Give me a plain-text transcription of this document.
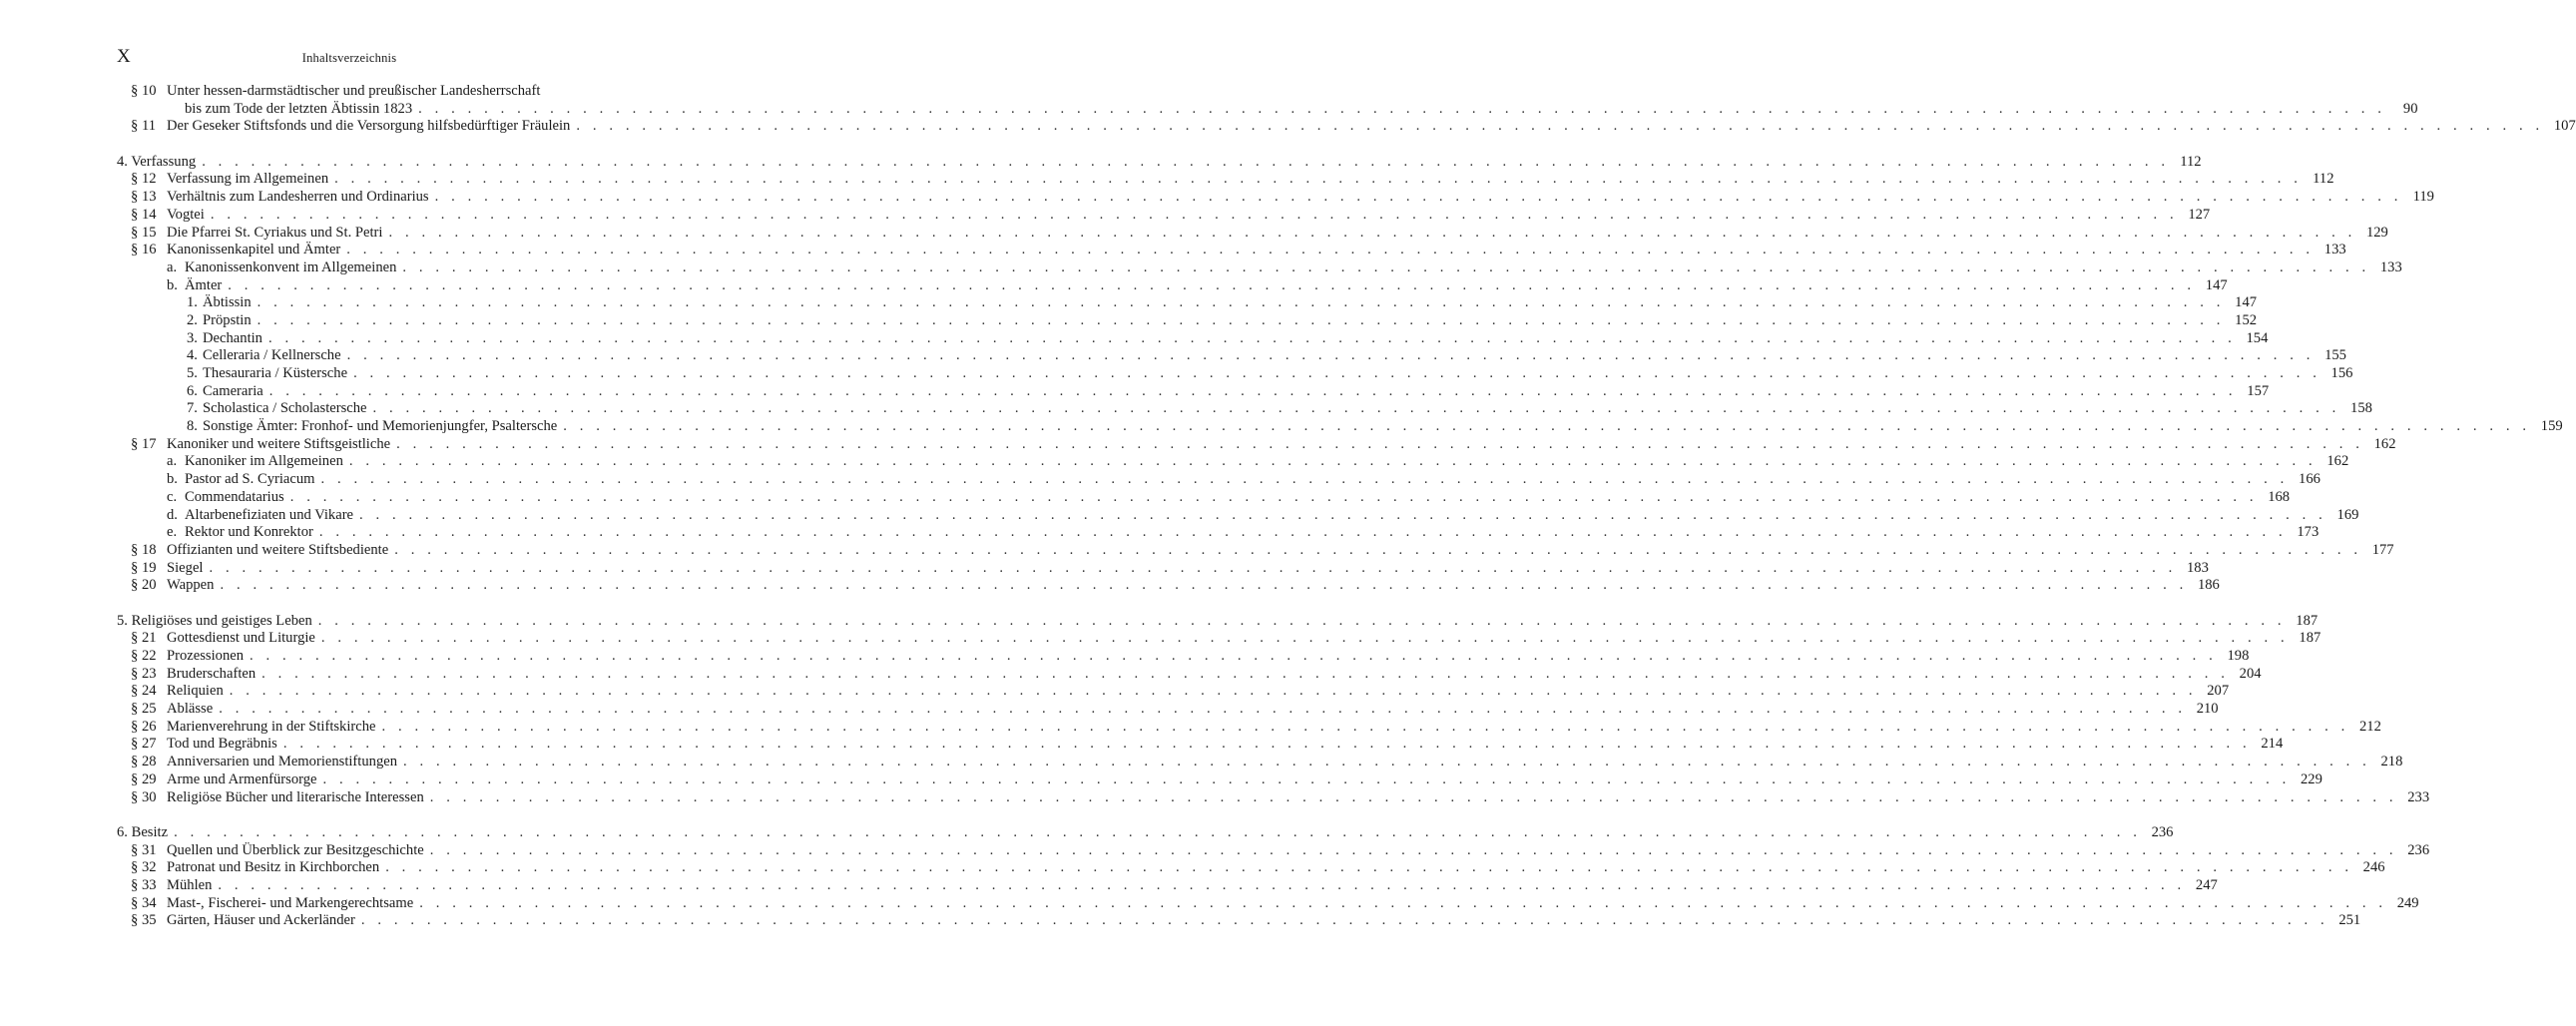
X	Inhaltsverzeichnis
§ 10 Unter hessen-darmstädtischer und preußischer Landesherrschaft
bis zum Tode der letzten Äbtissin 1823 . . . . . . . . . . . . . . . . . . . . . . . . . . . . . . . . . . . . . . . . . . . . . . . . . . . . . . . . . . . . . . . . . . . . . . . . . . . . . . . . . . . . . . . . . . . . . . . . . . . . . . . . . . . . . . . . . . . . . . . .	90
§ 11 Der Geseker Stiftsfonds und die Versorgung hilfsbedürftiger Fräulein . . . . . . . . . . . . . . . . . . . . . . . . . . . . . . . . . . . . . . . . . . . . . . . . . . . . . . . . . . . . . . . . . . . . . . . . . . . . . . . . . . . . . . . . . . . . . . . . . . . . . . . . . . . . . . . . . . . . . . . . 107
4. Verfassung . . . . . . . . . . . . . . . . . . . . . . . . . . . . . . . . . . . . . . . . . . . . . . . . . . . . . . . . . . . . . . . . . . . . . . . . . . . . . . . . . . . . . . . . . . . . . . . . . . . . . . . . . . . . . . . . . . . . . . . . 112
§ 12 Verfassung im Allgemeinen . . . . . . . . . . . . . . . . . . . . . . . . . . . . . . . . . . . . . . . . . . . . . . . . . . . . . . . . . . . . . . . . . . . . . . . . . . . . . . . . . . . . . . . . . . . . . . . . . . . . . . . . . . . . . . . . . . . . . . . . 112
§ 13 Verhältnis zum Landesherren und Ordinarius . . . . . . . . . . . . . . . . . . . . . . . . . . . . . . . . . . . . . . . . . . . . . . . . . . . . . . . . . . . . . . . . . . . . . . . . . . . . . . . . . . . . . . . . . . . . . . . . . . . . . . . . . . . . . . . . . . . . . . . . 119
§ 14 Vogtei . . . . . . . . . . . . . . . . . . . . . . . . . . . . . . . . . . . . . . . . . . . . . . . . . . . . . . . . . . . . . . . . . . . . . . . . . . . . . . . . . . . . . . . . . . . . . . . . . . . . . . . . . . . . . . . . . . . . . . . . 127
§ 15 Die Pfarrei St. Cyriakus und St. Petri . . . . . . . . . . . . . . . . . . . . . . . . . . . . . . . . . . . . . . . . . . . . . . . . . . . . . . . . . . . . . . . . . . . . . . . . . . . . . . . . . . . . . . . . . . . . . . . . . . . . . . . . . . . . . . . . . . . . . . . . 129
§ 16 Kanonissenkapitel und Ämter . . . . . . . . . . . . . . . . . . . . . . . . . . . . . . . . . . . . . . . . . . . . . . . . . . . . . . . . . . . . . . . . . . . . . . . . . . . . . . . . . . . . . . . . . . . . . . . . . . . . . . . . . . . . . . . . . . . . . . . . 133
a. Kanonissenkonvent im Allgemeinen . . . . . . . . . . . . . . . . . . . . . . . . . . . . . . . . . . . . . . . . . . . . . . . . . . . . . . . . . . . . . . . . . . . . . . . . . . . . . . . . . . . . . . . . . . . . . . . . . . . . . . . . . . . . . . . . . . . . . . . . 133
b. Ämter . . . . . . . . . . . . . . . . . . . . . . . . . . . . . . . . . . . . . . . . . . . . . . . . . . . . . . . . . . . . . . . . . . . . . . . . . . . . . . . . . . . . . . . . . . . . . . . . . . . . . . . . . . . . . . . . . . . . . . . . 147
1. Äbtissin . . . . . . . . . . . . . . . . . . . . . . . . . . . . . . . . . . . . . . . . . . . . . . . . . . . . . . . . . . . . . . . . . . . . . . . . . . . . . . . . . . . . . . . . . . . . . . . . . . . . . . . . . . . . . . . . . . . . . . . . 147
2. Pröpstin . . . . . . . . . . . . . . . . . . . . . . . . . . . . . . . . . . . . . . . . . . . . . . . . . . . . . . . . . . . . . . . . . . . . . . . . . . . . . . . . . . . . . . . . . . . . . . . . . . . . . . . . . . . . . . . . . . . . . . . . 152
3. Dechantin . . . . . . . . . . . . . . . . . . . . . . . . . . . . . . . . . . . . . . . . . . . . . . . . . . . . . . . . . . . . . . . . . . . . . . . . . . . . . . . . . . . . . . . . . . . . . . . . . . . . . . . . . . . . . . . . . . . . . . . . 154
4. Celleraria / Kellnersche . . . . . . . . . . . . . . . . . . . . . . . . . . . . . . . . . . . . . . . . . . . . . . . . . . . . . . . . . . . . . . . . . . . . . . . . . . . . . . . . . . . . . . . . . . . . . . . . . . . . . . . . . . . . . . . . . . . . . . . . 155
5. Thesauraria / Küstersche . . . . . . . . . . . . . . . . . . . . . . . . . . . . . . . . . . . . . . . . . . . . . . . . . . . . . . . . . . . . . . . . . . . . . . . . . . . . . . . . . . . . . . . . . . . . . . . . . . . . . . . . . . . . . . . . . . . . . . . . 156
6. Cameraria . . . . . . . . . . . . . . . . . . . . . . . . . . . . . . . . . . . . . . . . . . . . . . . . . . . . . . . . . . . . . . . . . . . . . . . . . . . . . . . . . . . . . . . . . . . . . . . . . . . . . . . . . . . . . . . . . . . . . . . . 157
7. Scholastica / Scholastersche . . . . . . . . . . . . . . . . . . . . . . . . . . . . . . . . . . . . . . . . . . . . . . . . . . . . . . . . . . . . . . . . . . . . . . . . . . . . . . . . . . . . . . . . . . . . . . . . . . . . . . . . . . . . . . . . . . . . . . . . 158
8. Sonstige Ämter: Fronhof- und Memorienjungfer, Psaltersche . . . . . . . . . . . . . . . . . . . . . . . . . . . . . . . . . . . . . . . . . . . . . . . . . . . . . . . . . . . . . . . . . . . . . . . . . . . . . . . . . . . . . . . . . . . . . . . . . . . . . . . . . . . . . . . . . . . . . . . . 159
§ 17 Kanoniker und weitere Stiftsgeistliche . . . . . . . . . . . . . . . . . . . . . . . . . . . . . . . . . . . . . . . . . . . . . . . . . . . . . . . . . . . . . . . . . . . . . . . . . . . . . . . . . . . . . . . . . . . . . . . . . . . . . . . . . . . . . . . . . . . . . . . . 162
a. Kanoniker im Allgemeinen . . . . . . . . . . . . . . . . . . . . . . . . . . . . . . . . . . . . . . . . . . . . . . . . . . . . . . . . . . . . . . . . . . . . . . . . . . . . . . . . . . . . . . . . . . . . . . . . . . . . . . . . . . . . . . . . . . . . . . . . 162
b. Pastor ad S. Cyriacum . . . . . . . . . . . . . . . . . . . . . . . . . . . . . . . . . . . . . . . . . . . . . . . . . . . . . . . . . . . . . . . . . . . . . . . . . . . . . . . . . . . . . . . . . . . . . . . . . . . . . . . . . . . . . . . . . . . . . . . . 166
c. Commendatarius . . . . . . . . . . . . . . . . . . . . . . . . . . . . . . . . . . . . . . . . . . . . . . . . . . . . . . . . . . . . . . . . . . . . . . . . . . . . . . . . . . . . . . . . . . . . . . . . . . . . . . . . . . . . . . . . . . . . . . . . 168
d. Altarbenefiziaten und Vikare . . . . . . . . . . . . . . . . . . . . . . . . . . . . . . . . . . . . . . . . . . . . . . . . . . . . . . . . . . . . . . . . . . . . . . . . . . . . . . . . . . . . . . . . . . . . . . . . . . . . . . . . . . . . . . . . . . . . . . . . 169
e. Rektor und Konrektor . . . . . . . . . . . . . . . . . . . . . . . . . . . . . . . . . . . . . . . . . . . . . . . . . . . . . . . . . . . . . . . . . . . . . . . . . . . . . . . . . . . . . . . . . . . . . . . . . . . . . . . . . . . . . . . . . . . . . . . . 173
§ 18 Offizianten und weitere Stiftsbediente . . . . . . . . . . . . . . . . . . . . . . . . . . . . . . . . . . . . . . . . . . . . . . . . . . . . . . . . . . . . . . . . . . . . . . . . . . . . . . . . . . . . . . . . . . . . . . . . . . . . . . . . . . . . . . . . . . . . . . . . 177
§ 19 Siegel . . . . . . . . . . . . . . . . . . . . . . . . . . . . . . . . . . . . . . . . . . . . . . . . . . . . . . . . . . . . . . . . . . . . . . . . . . . . . . . . . . . . . . . . . . . . . . . . . . . . . . . . . . . . . . . . . . . . . . . . 183
§ 20 Wappen . . . . . . . . . . . . . . . . . . . . . . . . . . . . . . . . . . . . . . . . . . . . . . . . . . . . . . . . . . . . . . . . . . . . . . . . . . . . . . . . . . . . . . . . . . . . . . . . . . . . . . . . . . . . . . . . . . . . . . . . 186
5. Religiöses und geistiges Leben . . . . . . . . . . . . . . . . . . . . . . . . . . . . . . . . . . . . . . . . . . . . . . . . . . . . . . . . . . . . . . . . . . . . . . . . . . . . . . . . . . . . . . . . . . . . . . . . . . . . . . . . . . . . . . . . . . . . . . . . 187
§ 21 Gottesdienst und Liturgie . . . . . . . . . . . . . . . . . . . . . . . . . . . . . . . . . . . . . . . . . . . . . . . . . . . . . . . . . . . . . . . . . . . . . . . . . . . . . . . . . . . . . . . . . . . . . . . . . . . . . . . . . . . . . . . . . . . . . . . . 187
§ 22 Prozessionen . . . . . . . . . . . . . . . . . . . . . . . . . . . . . . . . . . . . . . . . . . . . . . . . . . . . . . . . . . . . . . . . . . . . . . . . . . . . . . . . . . . . . . . . . . . . . . . . . . . . . . . . . . . . . . . . . . . . . . . . 198
§ 23 Bruderschaften . . . . . . . . . . . . . . . . . . . . . . . . . . . . . . . . . . . . . . . . . . . . . . . . . . . . . . . . . . . . . . . . . . . . . . . . . . . . . . . . . . . . . . . . . . . . . . . . . . . . . . . . . . . . . . . . . . . . . . . . 204
§ 24 Reliquien . . . . . . . . . . . . . . . . . . . . . . . . . . . . . . . . . . . . . . . . . . . . . . . . . . . . . . . . . . . . . . . . . . . . . . . . . . . . . . . . . . . . . . . . . . . . . . . . . . . . . . . . . . . . . . . . . . . . . . . . 207
§ 25 Ablässe . . . . . . . . . . . . . . . . . . . . . . . . . . . . . . . . . . . . . . . . . . . . . . . . . . . . . . . . . . . . . . . . . . . . . . . . . . . . . . . . . . . . . . . . . . . . . . . . . . . . . . . . . . . . . . . . . . . . . . . . 210
§ 26 Marienverehrung in der Stiftskirche . . . . . . . . . . . . . . . . . . . . . . . . . . . . . . . . . . . . . . . . . . . . . . . . . . . . . . . . . . . . . . . . . . . . . . . . . . . . . . . . . . . . . . . . . . . . . . . . . . . . . . . . . . . . . . . . . . . . . . . . 212
§ 27 Tod und Begräbnis . . . . . . . . . . . . . . . . . . . . . . . . . . . . . . . . . . . . . . . . . . . . . . . . . . . . . . . . . . . . . . . . . . . . . . . . . . . . . . . . . . . . . . . . . . . . . . . . . . . . . . . . . . . . . . . . . . . . . . . . 214
§ 28 Anniversarien und Memorienstiftungen . . . . . . . . . . . . . . . . . . . . . . . . . . . . . . . . . . . . . . . . . . . . . . . . . . . . . . . . . . . . . . . . . . . . . . . . . . . . . . . . . . . . . . . . . . . . . . . . . . . . . . . . . . . . . . . . . . . . . . . . 218
§ 29 Arme und Armenfürsorge . . . . . . . . . . . . . . . . . . . . . . . . . . . . . . . . . . . . . . . . . . . . . . . . . . . . . . . . . . . . . . . . . . . . . . . . . . . . . . . . . . . . . . . . . . . . . . . . . . . . . . . . . . . . . . . . . . . . . . . . 229
§ 30 Religiöse Bücher und literarische Interessen . . . . . . . . . . . . . . . . . . . . . . . . . . . . . . . . . . . . . . . . . . . . . . . . . . . . . . . . . . . . . . . . . . . . . . . . . . . . . . . . . . . . . . . . . . . . . . . . . . . . . . . . . . . . . . . . . . . . . . . . 233
6. Besitz . . . . . . . . . . . . . . . . . . . . . . . . . . . . . . . . . . . . . . . . . . . . . . . . . . . . . . . . . . . . . . . . . . . . . . . . . . . . . . . . . . . . . . . . . . . . . . . . . . . . . . . . . . . . . . . . . . . . . . . . 236
§ 31 Quellen und Überblick zur Besitzgeschichte . . . . . . . . . . . . . . . . . . . . . . . . . . . . . . . . . . . . . . . . . . . . . . . . . . . . . . . . . . . . . . . . . . . . . . . . . . . . . . . . . . . . . . . . . . . . . . . . . . . . . . . . . . . . . . . . . . . . . . . . 236
§ 32 Patronat und Besitz in Kirchborchen . . . . . . . . . . . . . . . . . . . . . . . . . . . . . . . . . . . . . . . . . . . . . . . . . . . . . . . . . . . . . . . . . . . . . . . . . . . . . . . . . . . . . . . . . . . . . . . . . . . . . . . . . . . . . . . . . . . . . . . . 246
§ 33 Mühlen . . . . . . . . . . . . . . . . . . . . . . . . . . . . . . . . . . . . . . . . . . . . . . . . . . . . . . . . . . . . . . . . . . . . . . . . . . . . . . . . . . . . . . . . . . . . . . . . . . . . . . . . . . . . . . . . . . . . . . . . 247
§ 34 Mast-, Fischerei- und Markengerechtsame . . . . . . . . . . . . . . . . . . . . . . . . . . . . . . . . . . . . . . . . . . . . . . . . . . . . . . . . . . . . . . . . . . . . . . . . . . . . . . . . . . . . . . . . . . . . . . . . . . . . . . . . . . . . . . . . . . . . . . . . 249
§ 35 Gärten, Häuser und Ackerländer . . . . . . . . . . . . . . . . . . . . . . . . . . . . . . . . . . . . . . . . . . . . . . . . . . . . . . . . . . . . . . . . . . . . . . . . . . . . . . . . . . . . . . . . . . . . . . . . . . . . . . . . . . . . . . . . . . . . . . . . 251
